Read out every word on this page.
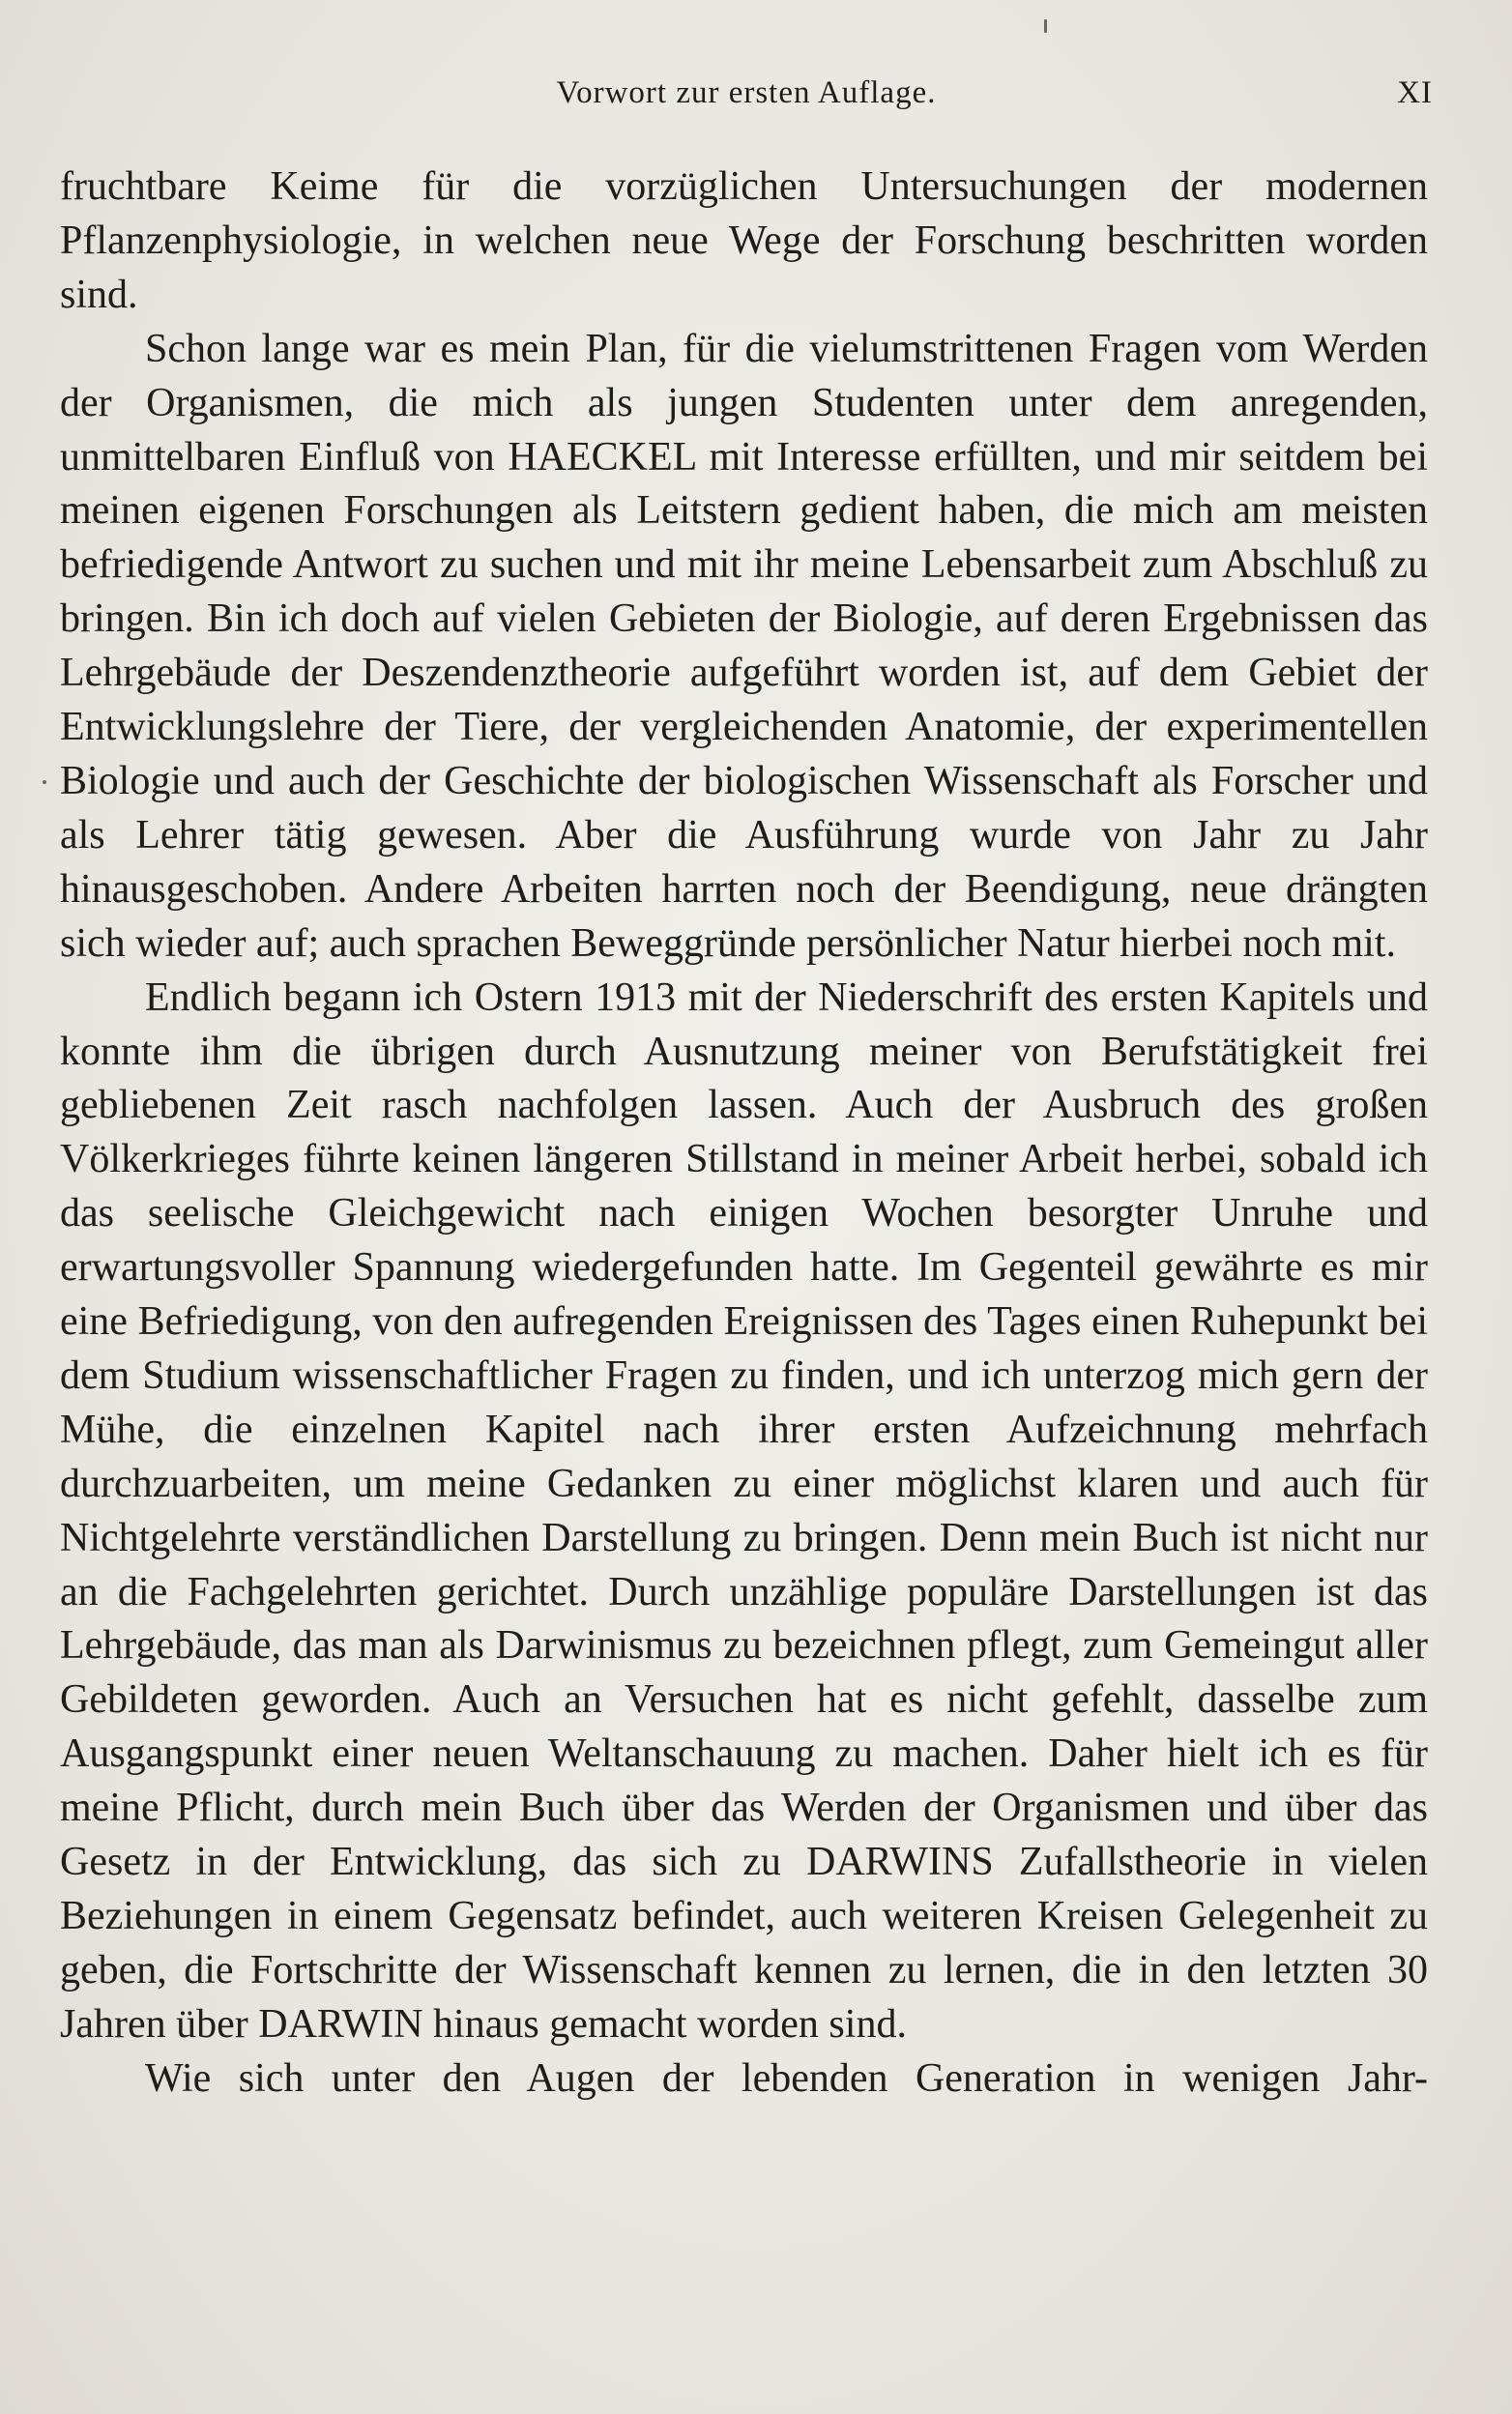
Vorwort zur ersten Auflage.	XI

fruchtbare Keime für die vorzüglichen Untersuchungen der modernen Pflanzenphysiologie, in welchen neue Wege der Forschung beschritten worden sind.

Schon lange war es mein Plan, für die vielumstrittenen Fragen vom Werden der Organismen, die mich als jungen Studenten unter dem anregenden, unmittelbaren Einfluß von HAECKEL mit Interesse erfüllten, und mir seitdem bei meinen eigenen Forschungen als Leitstern gedient haben, die mich am meisten befriedigende Antwort zu suchen und mit ihr meine Lebensarbeit zum Abschluß zu bringen. Bin ich doch auf vielen Gebieten der Biologie, auf deren Ergebnissen das Lehrgebäude der Deszendenztheorie aufgeführt worden ist, auf dem Gebiet der Entwicklungslehre der Tiere, der vergleichenden Anatomie, der experimentellen Biologie und auch der Geschichte der biologischen Wissenschaft als Forscher und als Lehrer tätig gewesen. Aber die Ausführung wurde von Jahr zu Jahr hinausgeschoben. Andere Arbeiten harrten noch der Beendigung, neue drängten sich wieder auf; auch sprachen Beweggründe persönlicher Natur hierbei noch mit.

Endlich begann ich Ostern 1913 mit der Niederschrift des ersten Kapitels und konnte ihm die übrigen durch Ausnutzung meiner von Berufstätigkeit frei gebliebenen Zeit rasch nachfolgen lassen. Auch der Ausbruch des großen Völkerkrieges führte keinen längeren Stillstand in meiner Arbeit herbei, sobald ich das seelische Gleichgewicht nach einigen Wochen besorgter Unruhe und erwartungsvoller Spannung wiedergefunden hatte. Im Gegenteil gewährte es mir eine Befriedigung, von den aufregenden Ereignissen des Tages einen Ruhepunkt bei dem Studium wissenschaftlicher Fragen zu finden, und ich unterzog mich gern der Mühe, die einzelnen Kapitel nach ihrer ersten Aufzeichnung mehrfach durchzuarbeiten, um meine Gedanken zu einer möglichst klaren und auch für Nichtgelehrte verständlichen Darstellung zu bringen. Denn mein Buch ist nicht nur an die Fachgelehrten gerichtet. Durch unzählige populäre Darstellungen ist das Lehrgebäude, das man als Darwinismus zu bezeichnen pflegt, zum Gemeingut aller Gebildeten geworden. Auch an Versuchen hat es nicht gefehlt, dasselbe zum Ausgangspunkt einer neuen Weltanschauung zu machen. Daher hielt ich es für meine Pflicht, durch mein Buch über das Werden der Organismen und über das Gesetz in der Entwicklung, das sich zu DARWINS Zufallstheorie in vielen Beziehungen in einem Gegensatz befindet, auch weiteren Kreisen Gelegenheit zu geben, die Fortschritte der Wissenschaft kennen zu lernen, die in den letzten 30 Jahren über DARWIN hinaus gemacht worden sind.

Wie sich unter den Augen der lebenden Generation in wenigen Jahr-
